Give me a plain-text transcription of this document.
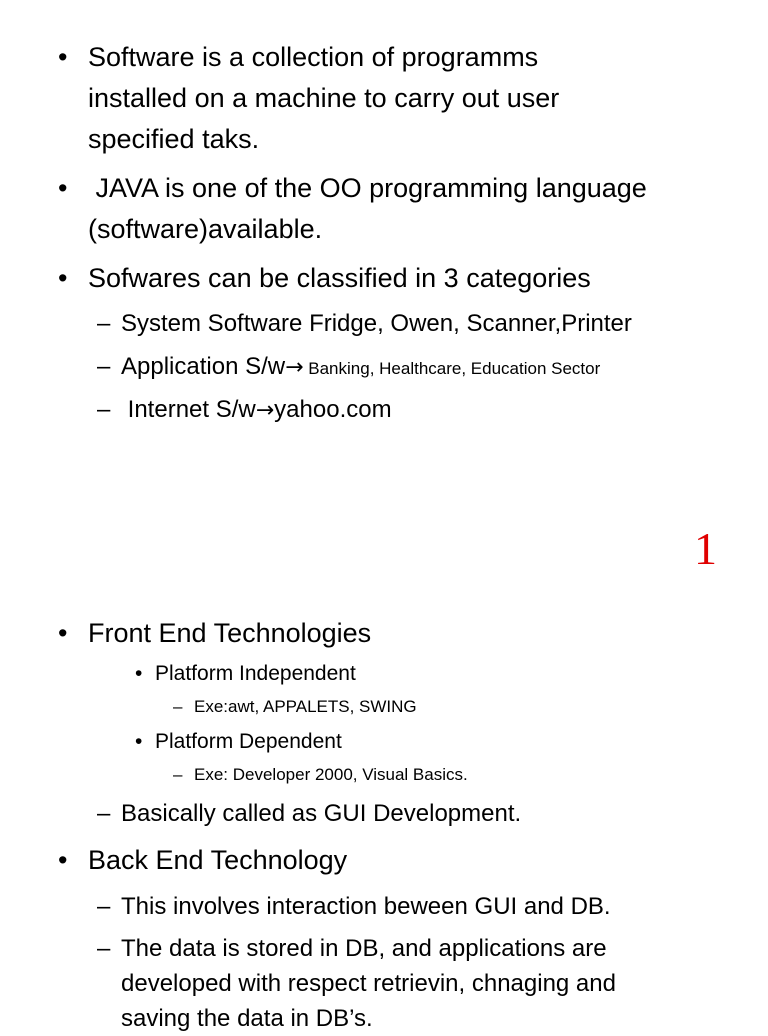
• Software is a collection of programms
installed on a machine to carry out user
specified taks.
• JAVA is one of the OO programming language
(software)available.
• Sofwares can be classified in 3 categories
– System Software Fridge, Owen, Scanner,Printer
– Application S/w→ Banking, Healthcare, Education Sector
– Internet S/w→yahoo.com
1
• Front End Technologies
• Platform Independent
– Exe:awt, APPALETS, SWING
• Platform Dependent
– Exe: Developer 2000, Visual Basics.
– Basically called as GUI Development.
• Back End Technology
– This involves interaction beween GUI and DB.
– The data is stored in DB, and applications are
developed with respect retrievin, chnaging and
saving the data in DB’s.
